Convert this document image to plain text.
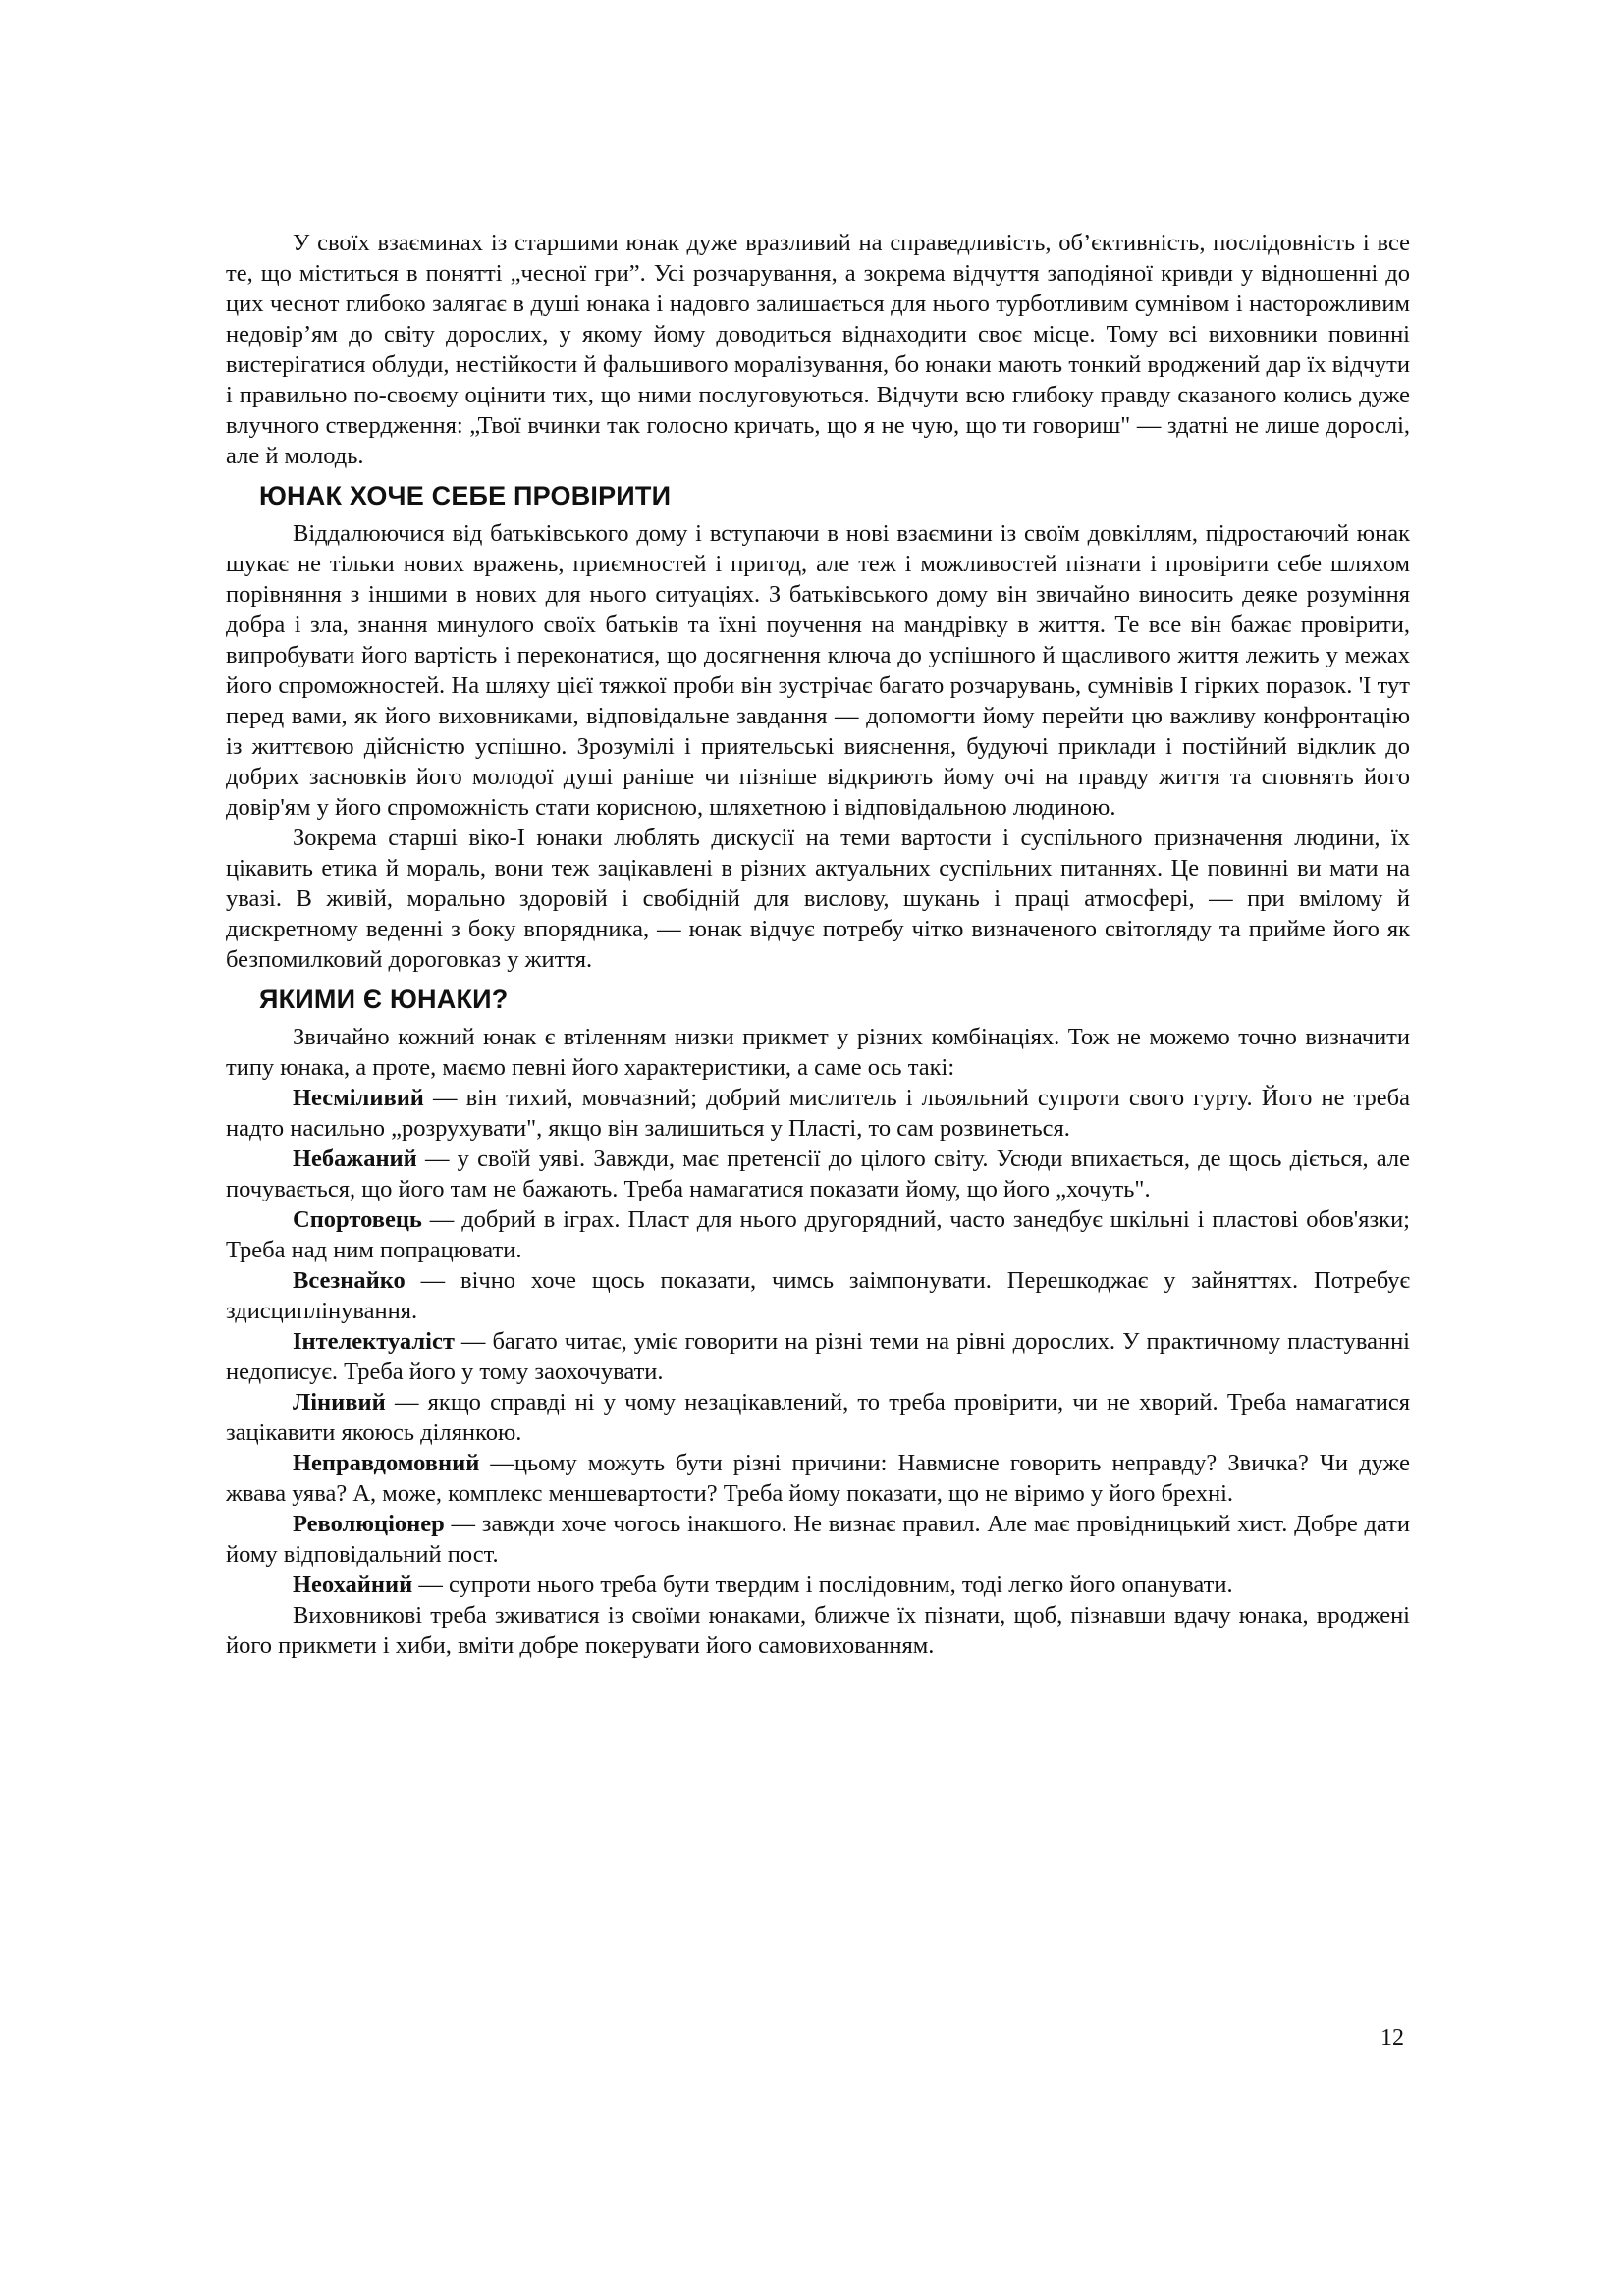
У своїх взаєминах із старшими юнак дуже вразливий на справедливість, об’єктивність, послідовність і все те, що міститься в понятті „чесної гри”. Усі розчарування, а зокрема відчуття заподіяної кривди у відношенні до цих чеснот глибоко залягає в душі юнака і надовго залишається для нього турботливим сумнівом і насторожливим недовір’ям до світу дорослих, у якому йому доводиться віднаходити своє місце. Тому всі виховники повинні вистерігатися облуди, нестійкости й фальшивого моралізування, бо юнаки мають тонкий вроджений дар їх відчути і правильно по-своєму оцінити тих, що ними послуговуються. Відчути всю глибоку правду сказаного колись дуже влучного ствердження: „Твої вчинки так голосно кричать, що я не чую, що ти говориш" — здатні не лише дорослі, але й молодь.

ЮНАК ХОЧЕ СЕБЕ ПРОВІРИТИ

Віддалюючися від батьківського дому і вступаючи в нові взаємини із своїм довкіллям, підростаючий юнак шукає не тільки нових вражень, приємностей і пригод, але теж і можливостей пізнати і провірити себе шляхом порівняння з іншими в нових для нього ситуаціях. З батьківського дому він звичайно виносить деяке розуміння добра і зла, знання минулого своїх батьків та їхні поучення на мандрівку в життя. Те все він бажає провірити, випробувати його вартість і переконатися, що досягнення ключа до успішного й щасливого життя лежить у межах його спроможностей. На шляху цієї тяжкої проби він зустрічає багато розчарувань, сумнівів І гірких поразок. 'І тут перед вами, як його виховниками, відповідальне завдання — допомогти йому перейти цю важливу конфронтацію із життєвою дійсністю успішно. Зрозумілі і приятельські вияснення, будуючі приклади і постійний відклик до добрих засновків його молодої душі раніше чи пізніше відкриють йому очі на правду життя та сповнять його довір'ям у його спроможність стати корисною, шляхетною і відповідальною людиною.

Зокрема старші віко-І юнаки люблять дискусії на теми вартости і суспільного призначення людини, їх цікавить етика й мораль, вони теж зацікавлені в різних актуальних суспільних питаннях. Це повинні ви мати на увазі. В живій, морально здоровій і свобідній для вислову, шукань і праці атмосфері, — при вмілому й дискретному веденні з боку впорядника, — юнак відчує потребу чітко визначеного світогляду та прийме його як безпомилковий дороговказ у життя.

ЯКИМИ Є ЮНАКИ?

Звичайно кожний юнак є втіленням низки прикмет у різних комбінаціях. Тож не можемо точно визначити типу юнака, а проте, маємо певні його характеристики, а саме ось такі:

Несміливий — він тихий, мовчазний; добрий мислитель і льояльний супроти свого гурту. Його не треба надто насильно „розрухувати", якщо він залишиться у Пласті, то сам розвинеться.

Небажаний — у своїй уяві. Завжди, має претенсії до цілого світу. Усюди впихається, де щось діється, але почувається, що його там не бажають. Треба намагатися показати йому, що його „хочуть".

Спортовець — добрий в іграх. Пласт для нього другорядний, часто занедбує шкільні і пластові обов'язки; Треба над ним попрацювати.

Всезнайко — вічно хоче щось показати, чимсь заімпонувати. Перешкоджає у зайняттях. Потребує здисциплінування.

Інтелектуаліст — багато читає, уміє говорити на різні теми на рівні дорослих. У практичному пластуванні недописує. Треба його у тому заохочувати.

Лінивий — якщо справді ні у чому незацікавлений, то треба провірити, чи не хворий. Треба намагатися зацікавити якоюсь ділянкою.

Неправдомовний —цьому можуть бути різні причини: Навмисне говорить неправду? Звичка? Чи дуже жвава уява? А, може, комплекс меншевартости? Треба йому показати, що не віримо у його брехні.

Революціонер — завжди хоче чогось інакшого. Не визнає правил. Але має провідницький хист. Добре дати йому відповідальний пост.

Неохайний — супроти нього треба бути твердим і послідовним, тоді легко його опанувати.

Виховникові треба зживатися із своїми юнаками, ближче їх пізнати, щоб, пізнавши вдачу юнака, вроджені його прикмети і хиби, вміти добре покерувати його самовихованням.

12
